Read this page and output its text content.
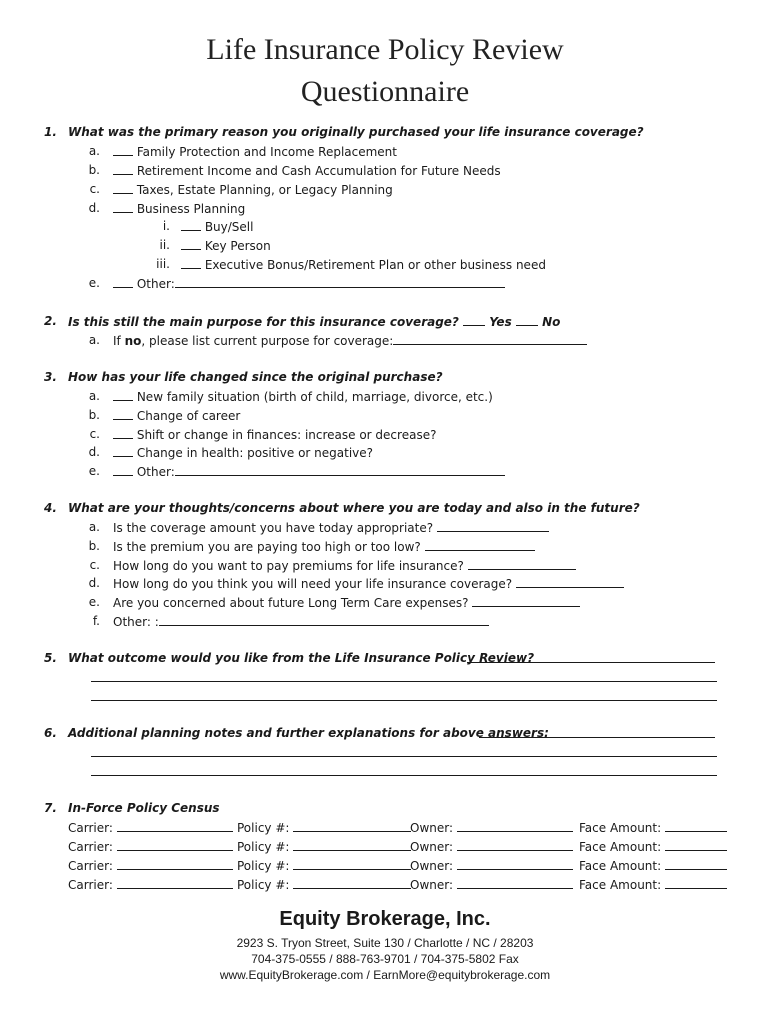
Life Insurance Policy Review
Questionnaire
1. What was the primary reason you originally purchased your life insurance coverage?
a.	Family Protection and Income Replacement
b.	Retirement Income and Cash Accumulation for Future Needs
c.	Taxes, Estate Planning, or Legacy Planning
d.	Business Planning
i.	Buy/Sell
ii.	Key Person
iii.	Executive Bonus/Retirement Plan or other business need
e.	Other:
2. Is this still the main purpose for this insurance coverage?	Yes	No
a. If no, please list current purpose for coverage:
3. How has your life changed since the original purchase?
a.	New family situation (birth of child, marriage, divorce, etc.)
b.	Change of career
c.	Shift or change in finances: increase or decrease?
d.	Change in health: positive or negative?
e.	Other:
4. What are your thoughts/concerns about where you are today and also in the future?
a. Is the coverage amount you have today appropriate?
b. Is the premium you are paying too high or too low?
c. How long do you want to pay premiums for life insurance?
d. How long do you think you will need your life insurance coverage?
e. Are you concerned about future Long Term Care expenses?
f. Other: :
5. What outcome would you like from the Life Insurance Policy Review?
6. Additional planning notes and further explanations for above answers:
7. In-Force Policy Census
Carrier:	Policy #:	Owner:	Face Amount:
Carrier:	Policy #:	Owner:	Face Amount:
Carrier:	Policy #:	Owner:	Face Amount:
Carrier:	Policy #:	Owner:	Face Amount:
Equity Brokerage, Inc.
2923 S. Tryon Street, Suite 130 / Charlotte / NC / 28203
704-375-0555 / 888-763-9701 / 704-375-5802 Fax
www.EquityBrokerage.com / EarnMore@equitybrokerage.com
